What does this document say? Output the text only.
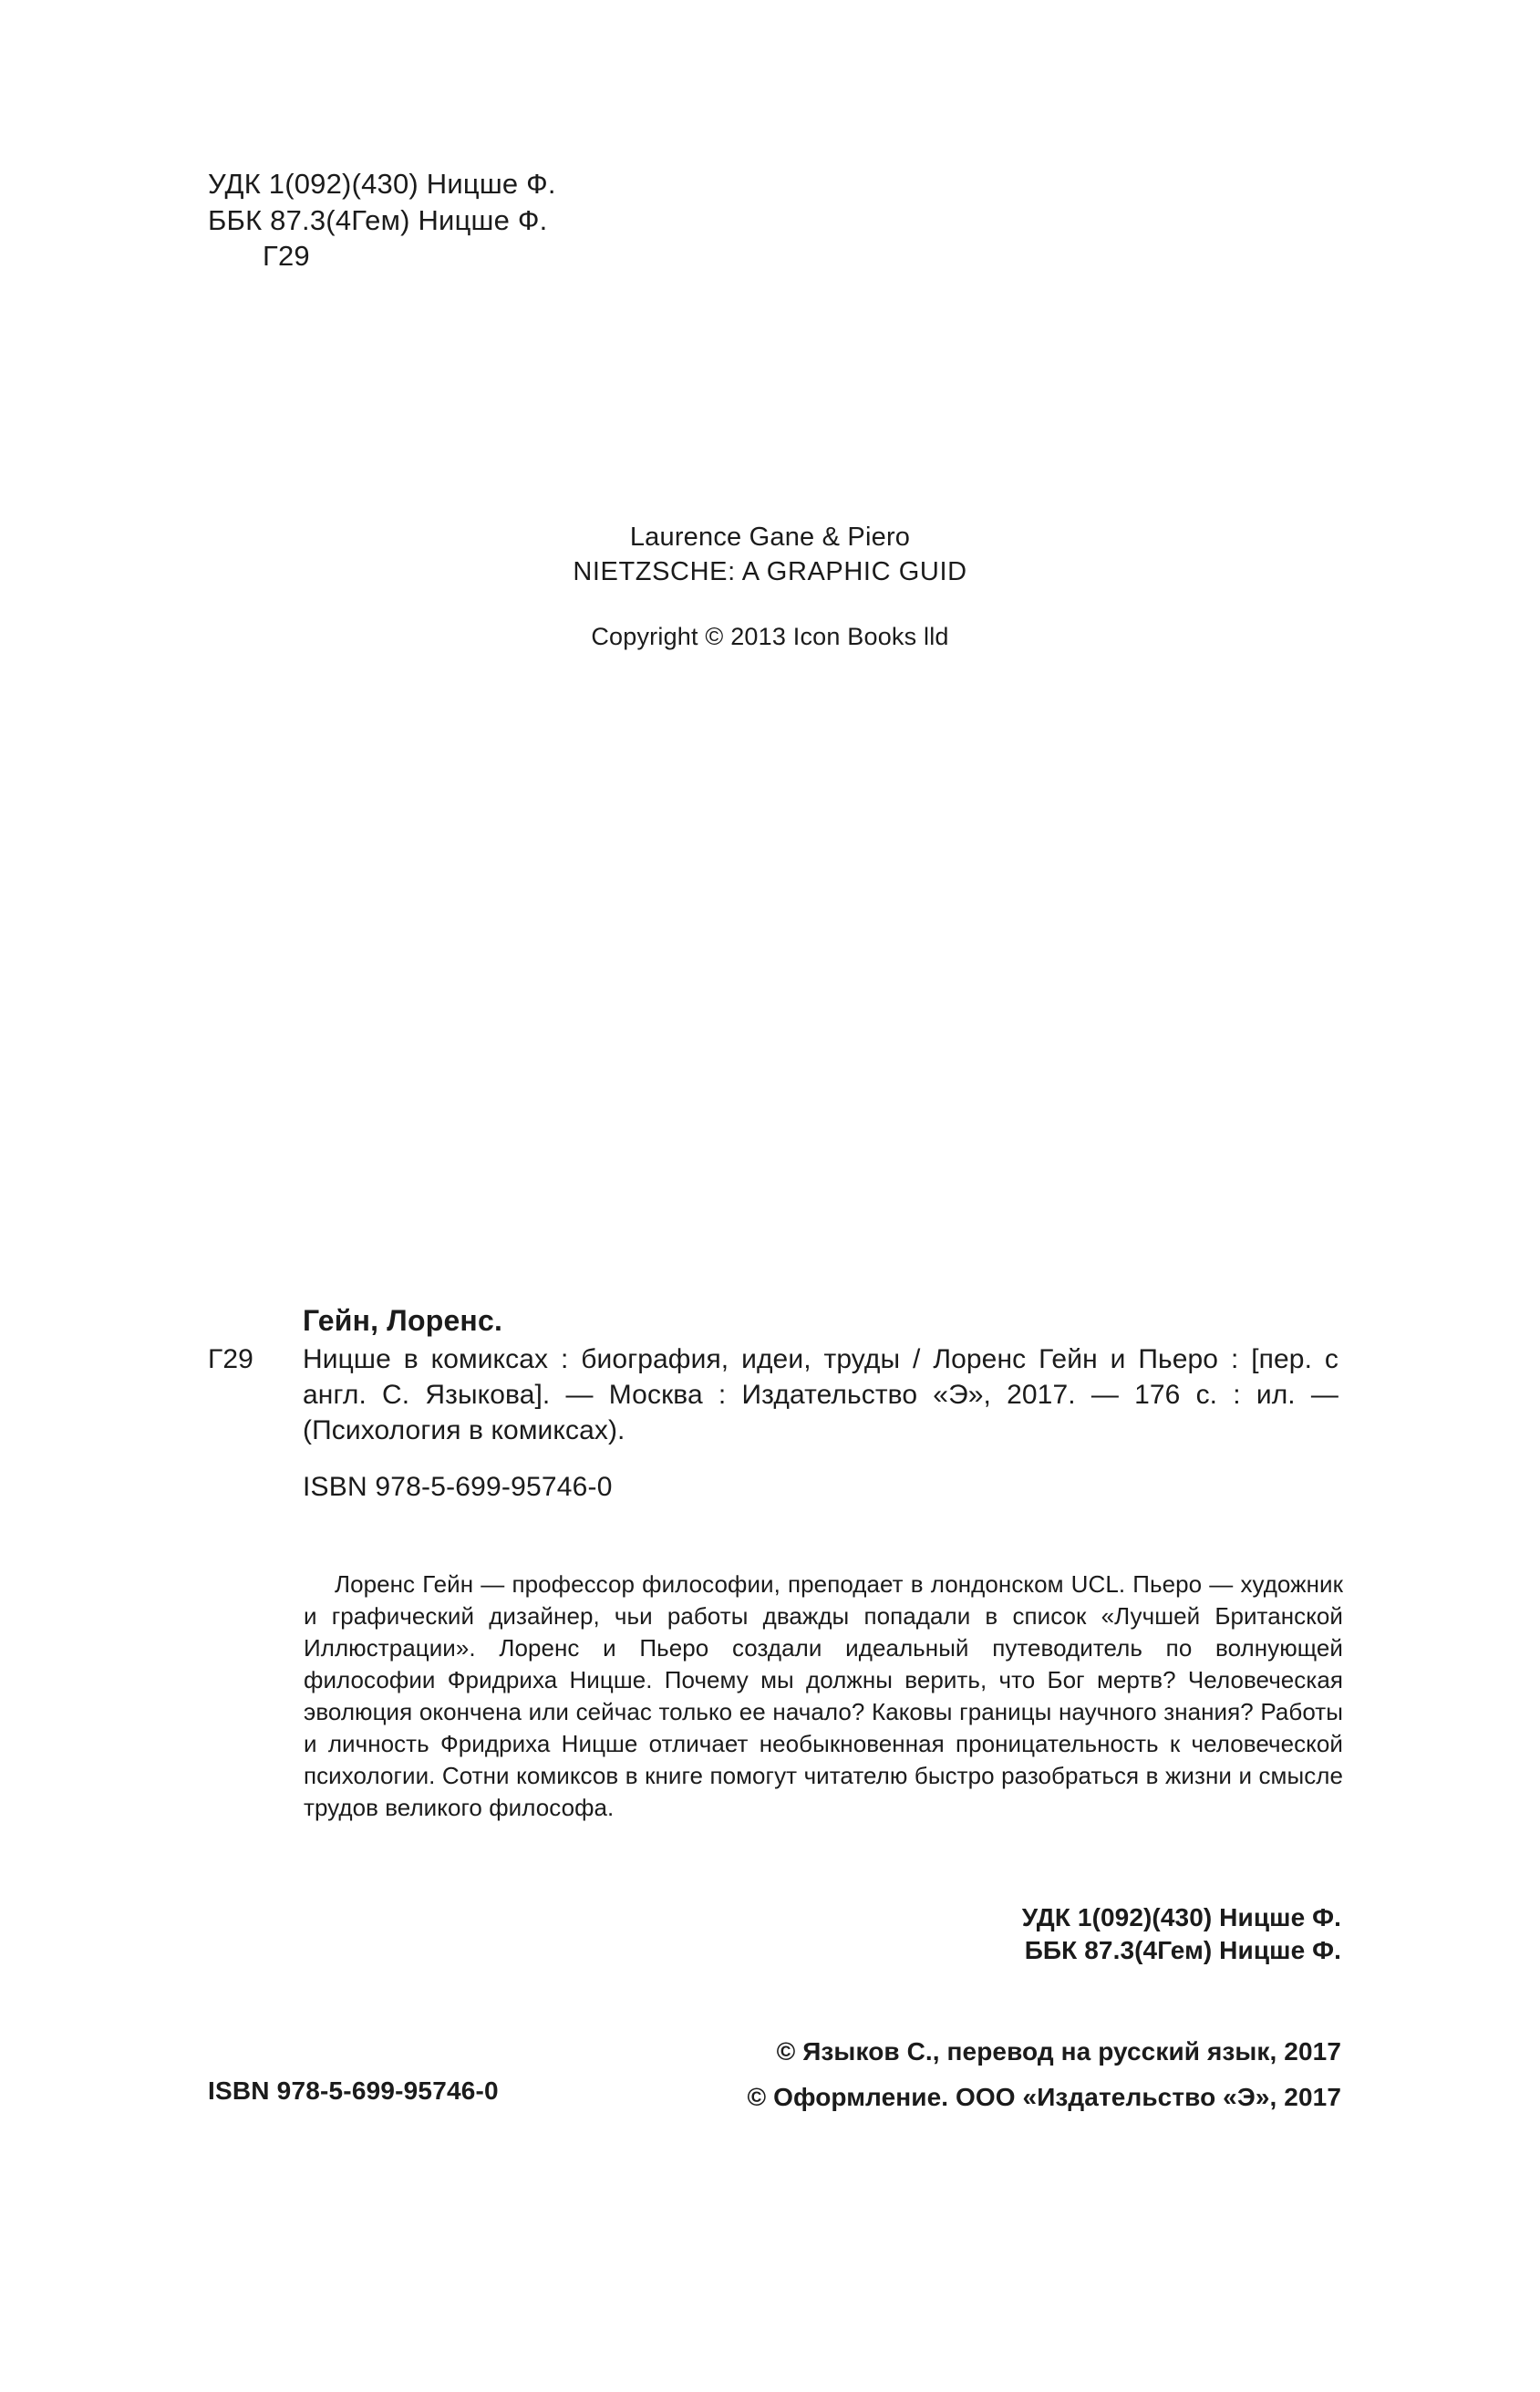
УДК 1(092)(430) Ницше Ф.
ББК 87.3(4Гем) Ницше Ф.
Г29
Laurence Gane & Piero
NIETZSCHE: A GRAPHIC GUID
Copyright © 2013 Icon Books lld
Гейн, Лоренс.
Г29	Ницше в комиксах : биография, идеи, труды / Лоренс Гейн и Пьеро : [пер. с англ. С. Языкова]. — Москва : Издательство «Э», 2017. — 176 с. : ил. — (Психология в комиксах).
ISBN 978-5-699-95746-0
Лоренс Гейн — профессор философии, преподает в лондонском UCL. Пьеро — художник и графический дизайнер, чьи работы дважды попадали в список «Лучшей Британской Иллюстрации». Лоренс и Пьеро создали идеальный путеводитель по волнующей философии Фридриха Ницше. Почему мы должны верить, что Бог мертв? Человеческая эволюция окончена или сейчас только ее начало? Каковы границы научного знания? Работы и личность Фридриха Ницше отличает необыкновенная проницательность к человеческой психологии. Сотни комиксов в книге помогут читателю быстро разобраться в жизни и смысле трудов великого философа.
УДК 1(092)(430) Ницше Ф.
ББК 87.3(4Гем) Ницше Ф.
ISBN 978-5-699-95746-0
© Языков С., перевод на русский язык, 2017
© Оформление. ООО «Издательство «Э», 2017
